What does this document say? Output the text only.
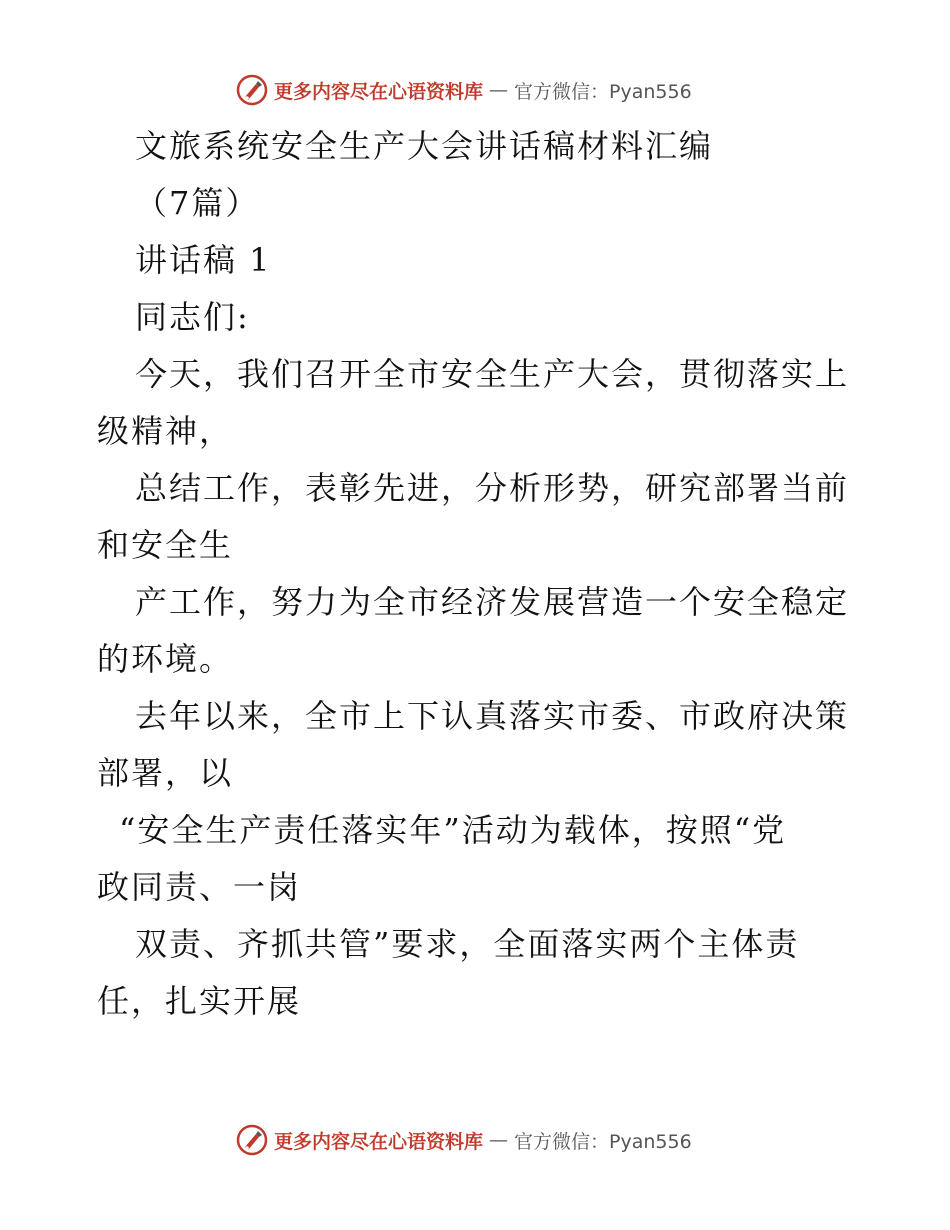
更多内容尽在心语资料库 — 官方微信：Pyan556
文旅系统安全生产大会讲话稿材料汇编
（7篇）
讲话稿 1
同志们:
今天，我们召开全市安全生产大会，贯彻落实上
级精神，
总结工作，表彰先进，分析形势，研究部署当前
和安全生
产工作，努力为全市经济发展营造一个安全稳定
的环境。
去年以来，全市上下认真落实市委、市政府决策
部署，以
“安全生产责任落实年”活动为载体，按照“党
政同责、一岗
双责、齐抓共管”要求，全面落实两个主体责
任，扎实开展
更多内容尽在心语资料库 — 官方微信：Pyan556
